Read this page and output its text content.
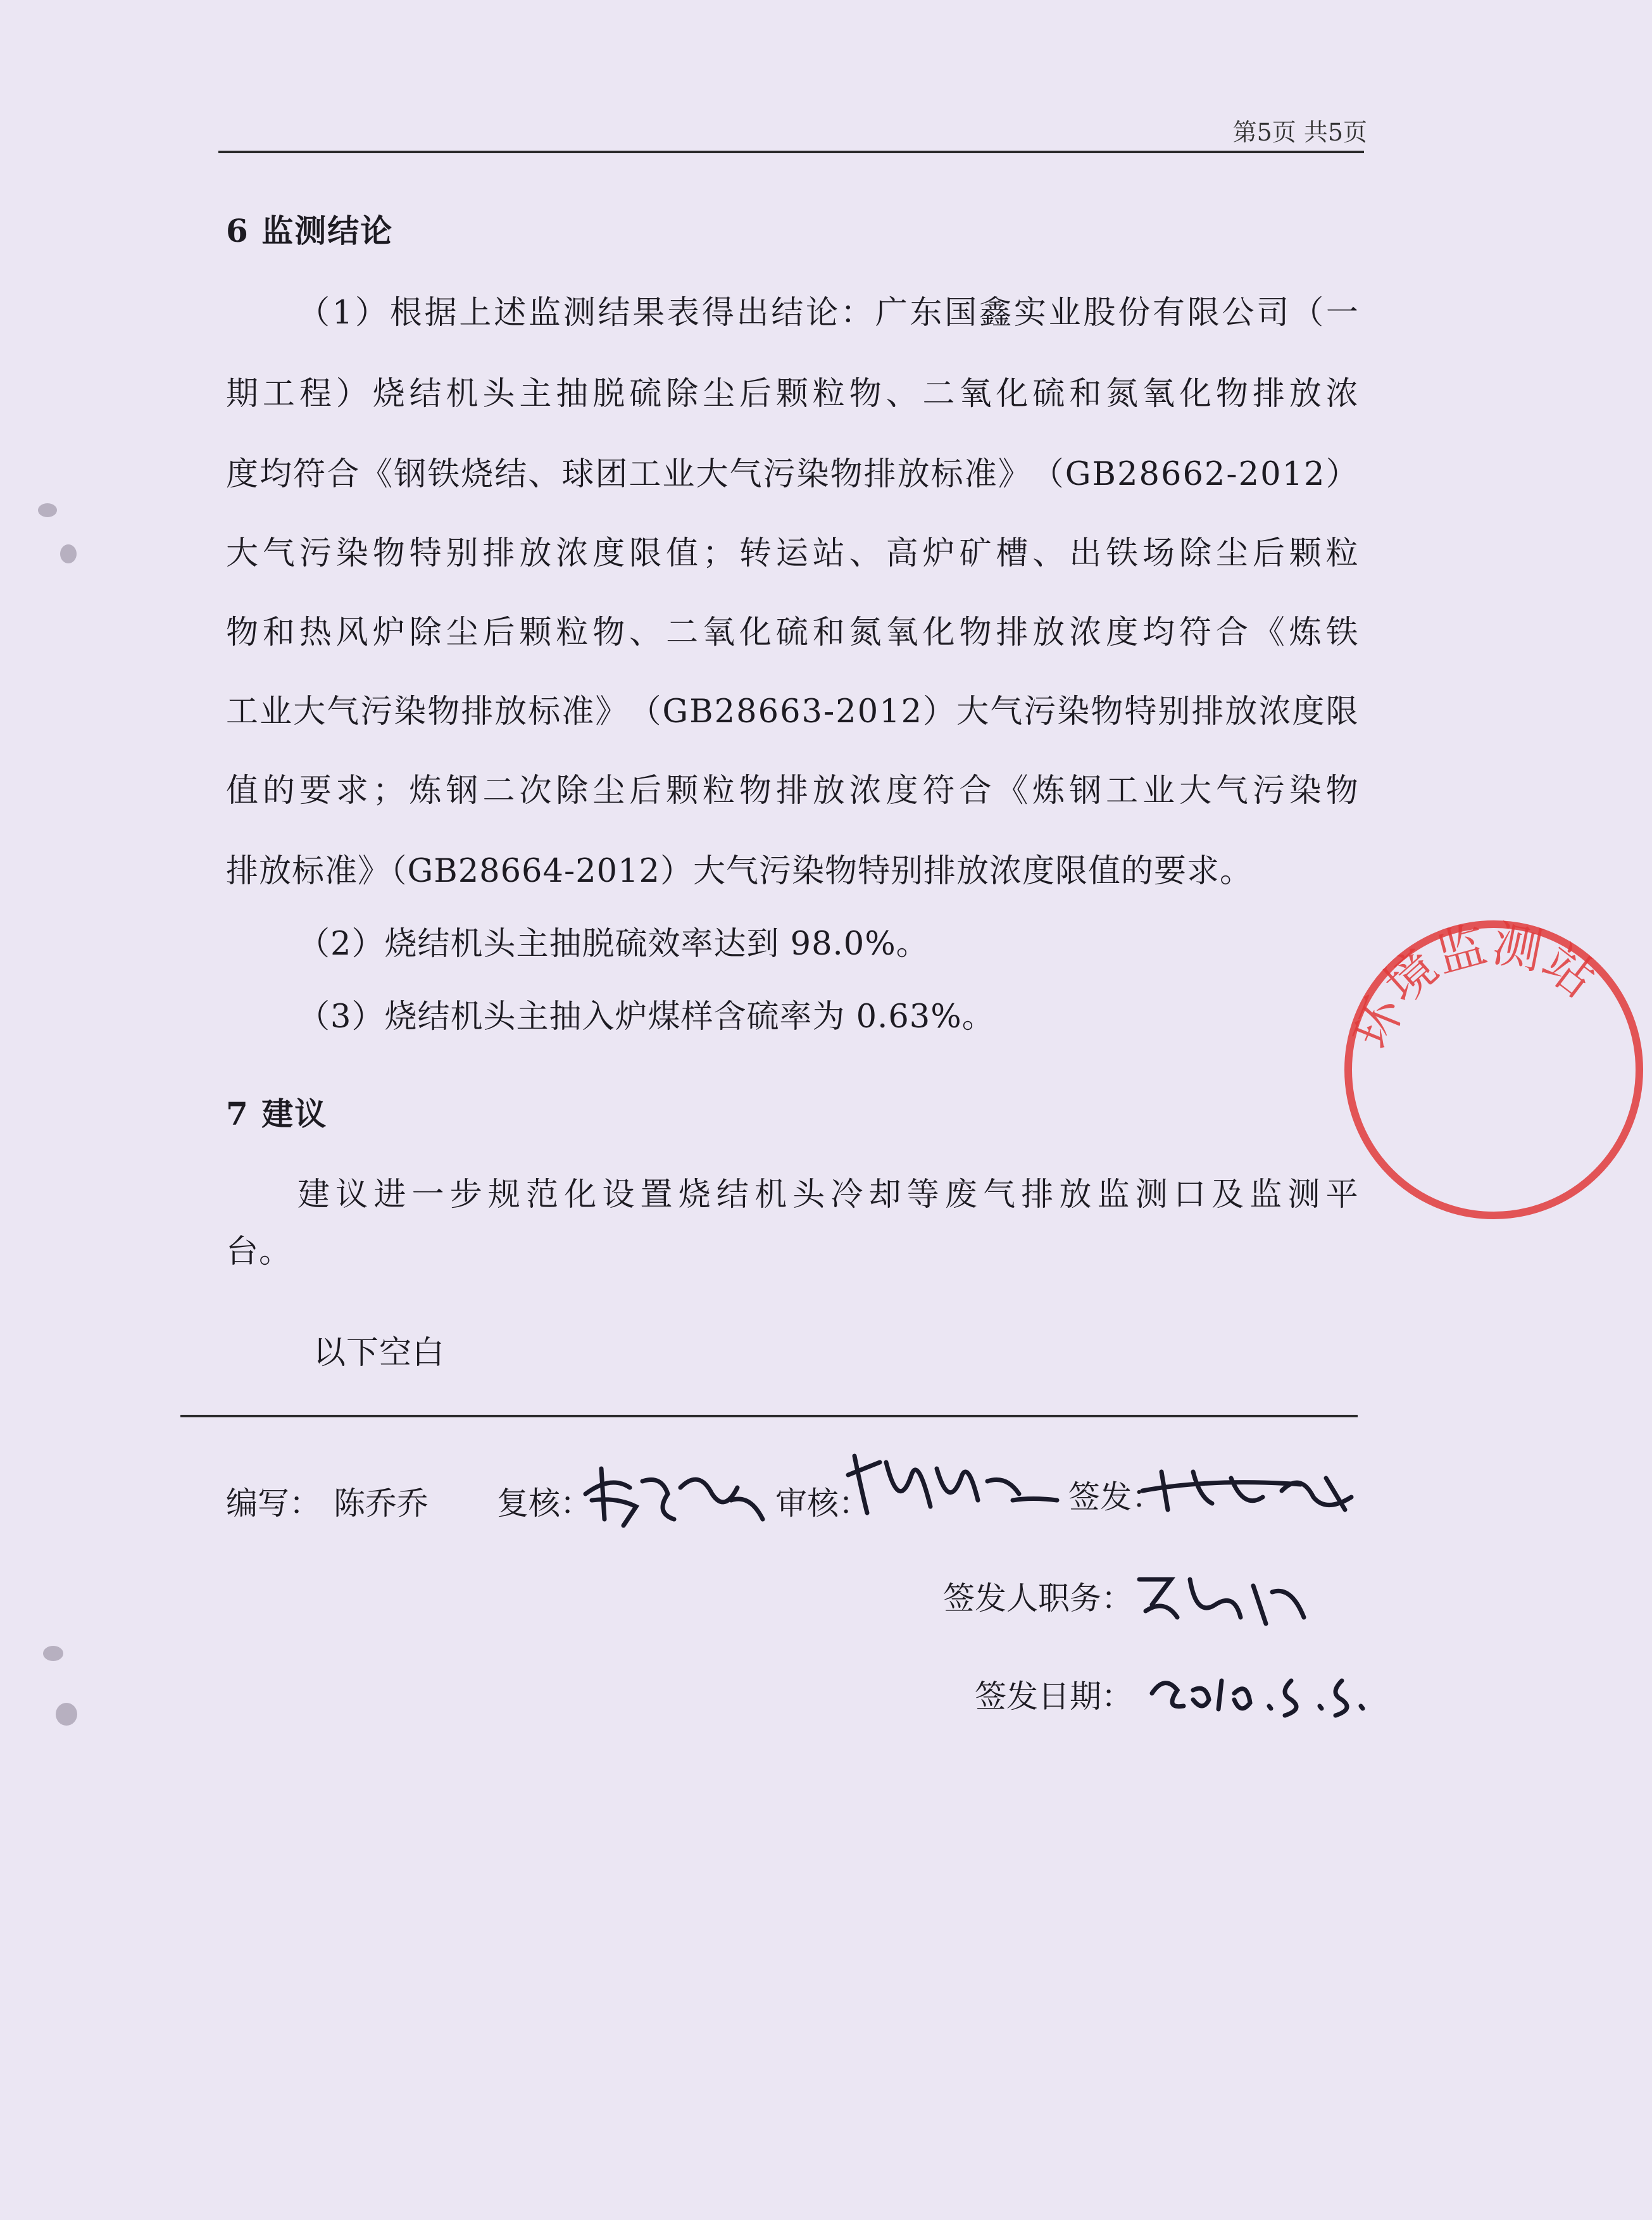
第5页 共5页
6 监测结论
（ 1 ） 根 据 上 述 监 测 结 果 表 得 出 结 论 ： 广 东 国 鑫 实 业 股 份 有 限 公 司 （ 一
期 工 程 ） 烧 结 机 头 主 抽 脱 硫 除 尘 后 颗 粒 物 、 二 氧 化 硫 和 氮 氧 化 物 排 放 浓
度 均 符 合 《 钢 铁 烧 结 、 球 团 工 业 大 气 污 染 物 排 放 标 准 》 （ G B 2 8 6 6 2 - 2 0 1 2 ）
大 气 污 染 物 特 别 排 放 浓 度 限 值 ； 转 运 站 、 高 炉 矿 槽 、 出 铁 场 除 尘 后 颗 粒
物 和 热 风 炉 除 尘 后 颗 粒 物 、 二 氧 化 硫 和 氮 氧 化 物 排 放 浓 度 均 符 合 《 炼 铁
工 业 大 气 污 染 物 排 放 标 准 》 （ G B 2 8 6 6 3 - 2 0 1 2 ） 大 气 污 染 物 特 别 排 放 浓 度 限
值 的 要 求 ； 炼 钢 二 次 除 尘 后 颗 粒 物 排 放 浓 度 符 合 《 炼 钢 工 业 大 气 污 染 物
排放标准》（GB28664-2012）大气污染物特别排放浓度限值的要求。
（2）烧结机头主抽脱硫效率达到 98.0%。
（3）烧结机头主抽入炉煤样含硫率为 0.63%。
7 建议
建 议 进 一 步 规 范 化 设 置 烧 结 机 头 冷 却 等 废 气 排 放 监 测 口 及 监 测 平
台。
以下空白
编写： 陈乔乔 复核：	审核：	签发：
签发人职务：
签发日期：
环境监测站
